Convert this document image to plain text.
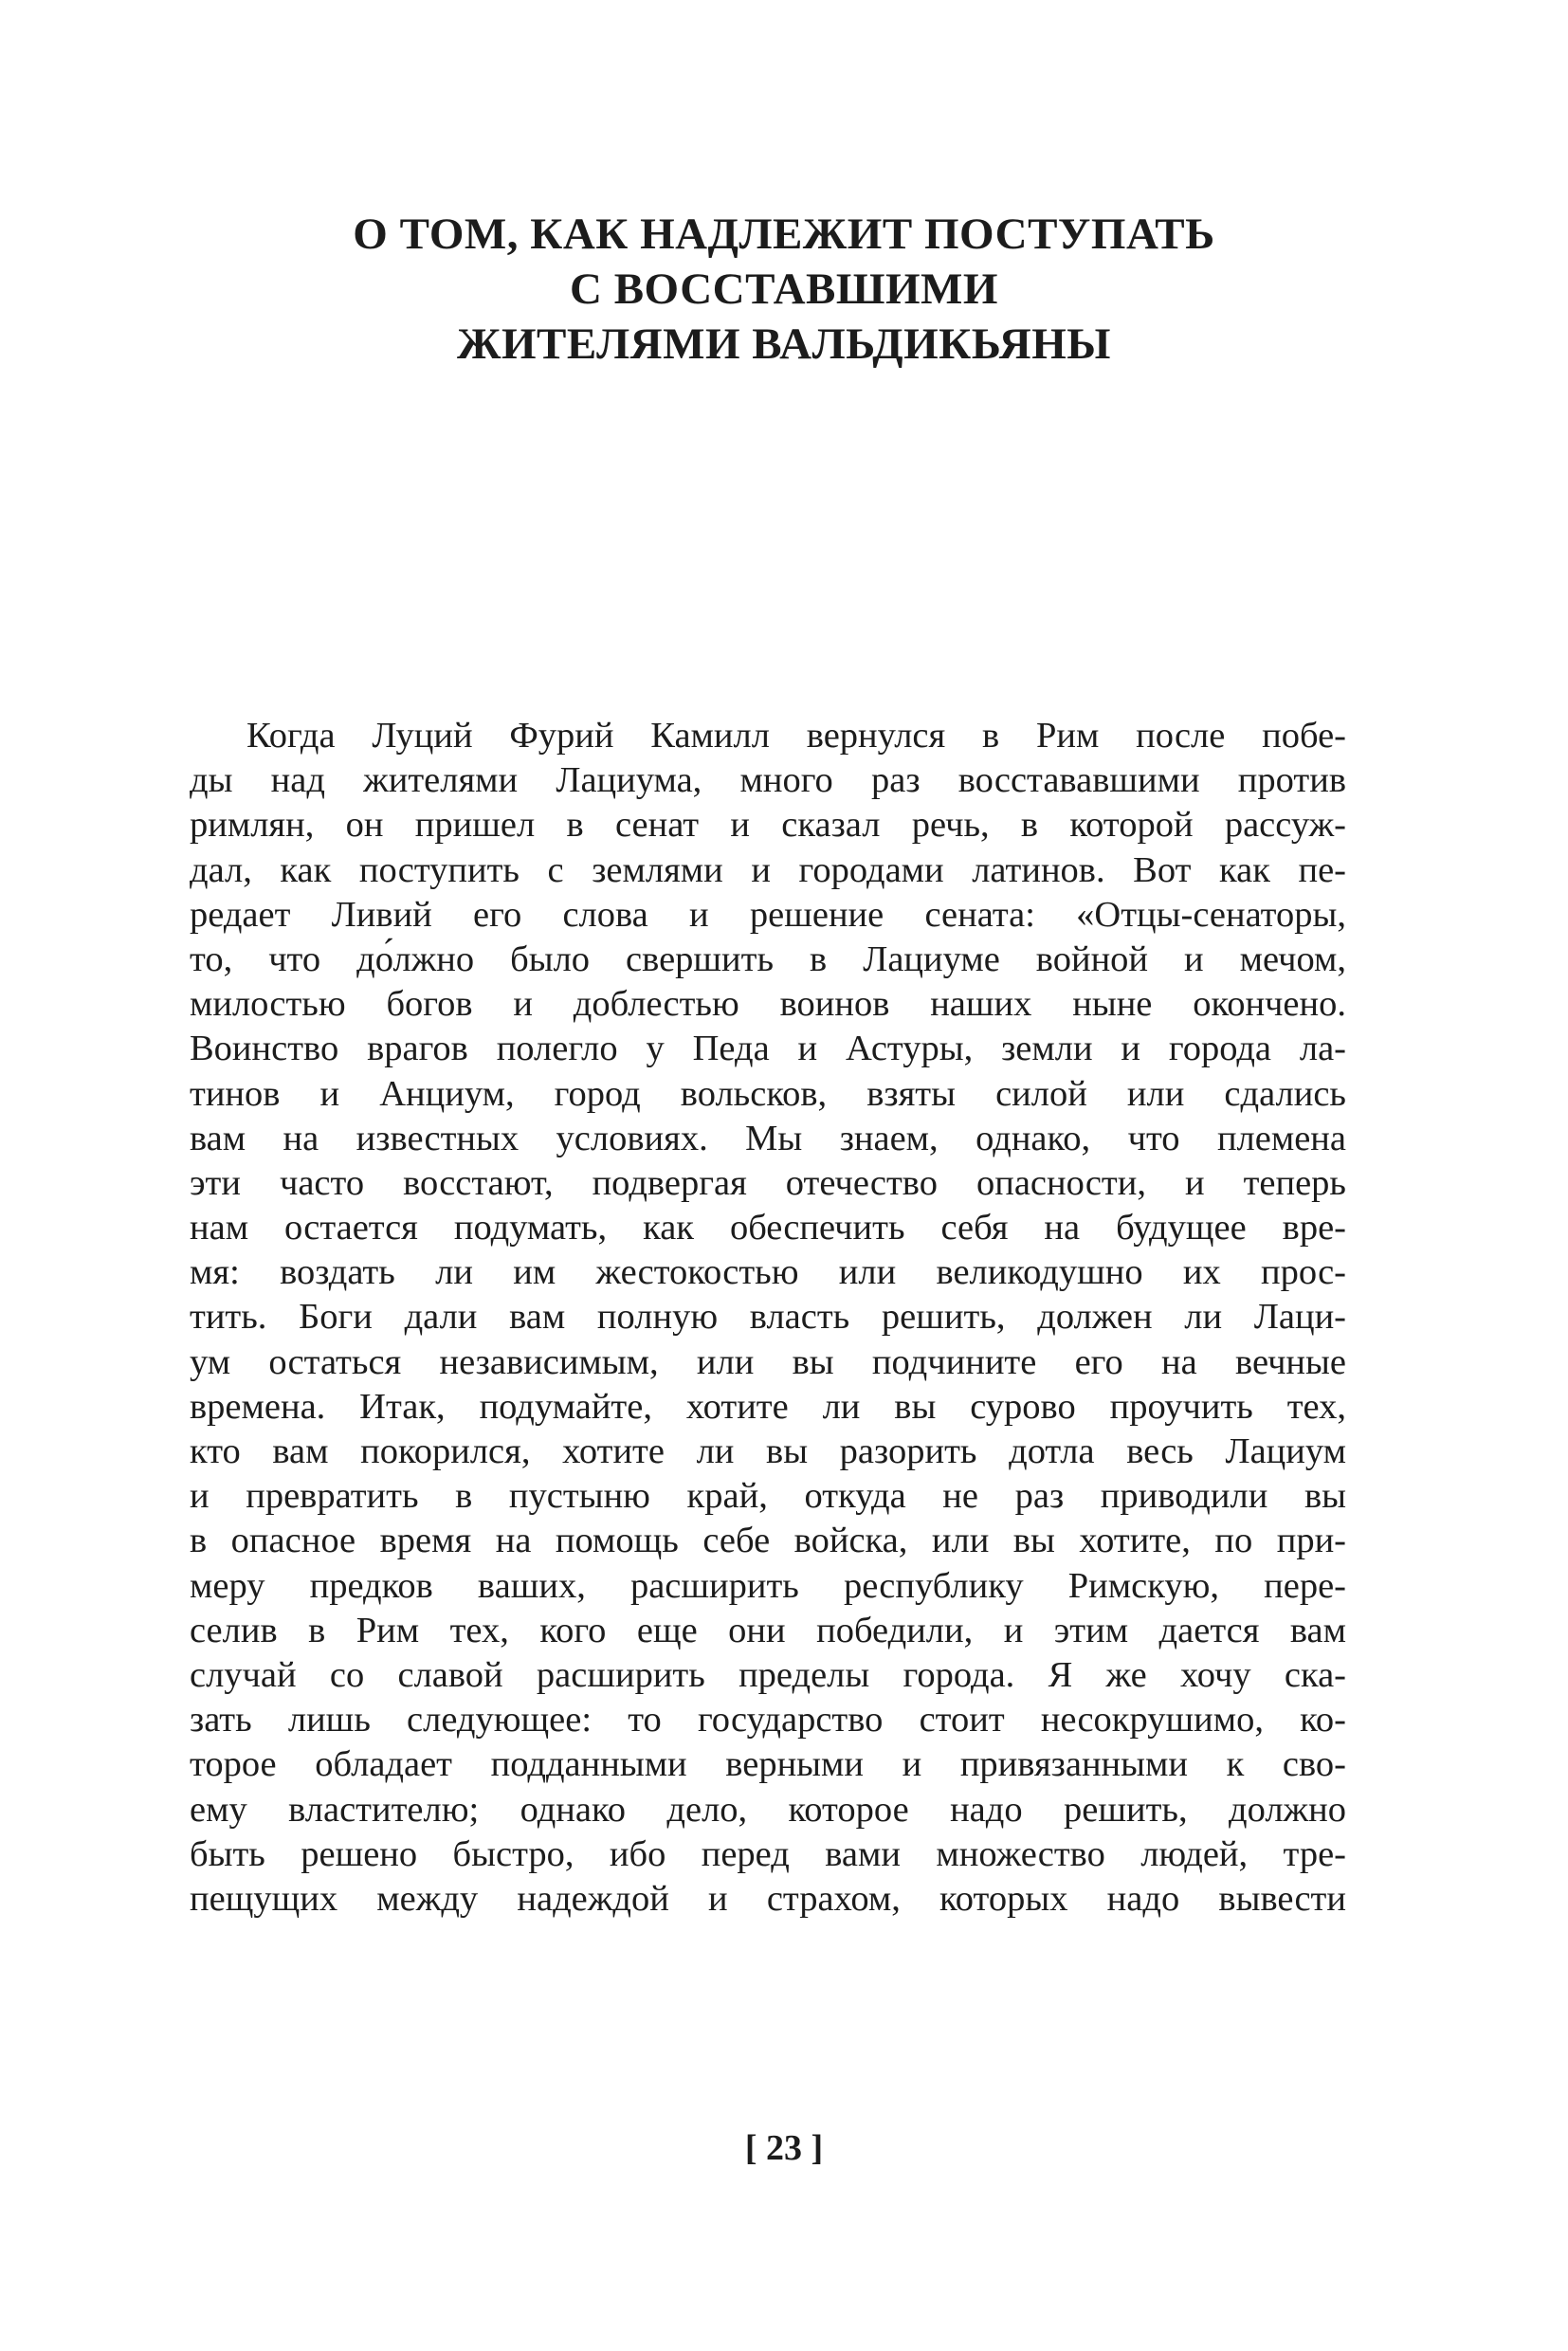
О ТОМ, КАК НАДЛЕЖИТ ПОСТУПАТЬ
С ВОССТАВШИМИ
ЖИТЕЛЯМИ ВАЛЬДИКЬЯНЫ
Когда Луций Фурий Камилл вернулся в Рим после побе-
ды над жителями Лациума, много раз восстававшими против
римлян, он пришел в сенат и сказал речь, в которой рассуж-
дал, как поступить с землями и городами латинов. Вот как пе-
редает Ливий его слова и решение сената: «Отцы-сенаторы,
то, что до́лжно было свершить в Лациуме войной и мечом,
милостью богов и доблестью воинов наших ныне окончено.
Воинство врагов полегло у Педа и Астуры, земли и города ла-
тинов и Анциум, город вольсков, взяты силой или сдались
вам на известных условиях. Мы знаем, однако, что племена
эти часто восстают, подвергая отечество опасности, и теперь
нам остается подумать, как обеспечить себя на будущее вре-
мя: воздать ли им жестокостью или великодушно их прос-
тить. Боги дали вам полную власть решить, должен ли Лаци-
ум остаться независимым, или вы подчините его на вечные
времена. Итак, подумайте, хотите ли вы сурово проучить тех,
кто вам покорился, хотите ли вы разорить дотла весь Лациум
и превратить в пустыню край, откуда не раз приводили вы
в опасное время на помощь себе войска, или вы хотите, по при-
меру предков ваших, расширить республику Римскую, пере-
селив в Рим тех, кого еще они победили, и этим дается вам
случай со славой расширить пределы города. Я же хочу ска-
зать лишь следующее: то государство стоит несокрушимо, ко-
торое обладает подданными верными и привязанными к сво-
ему властителю; однако дело, которое надо решить, должно
быть решено быстро, ибо перед вами множество людей, тре-
пещущих между надеждой и страхом, которых надо вывести
[ 23 ]
